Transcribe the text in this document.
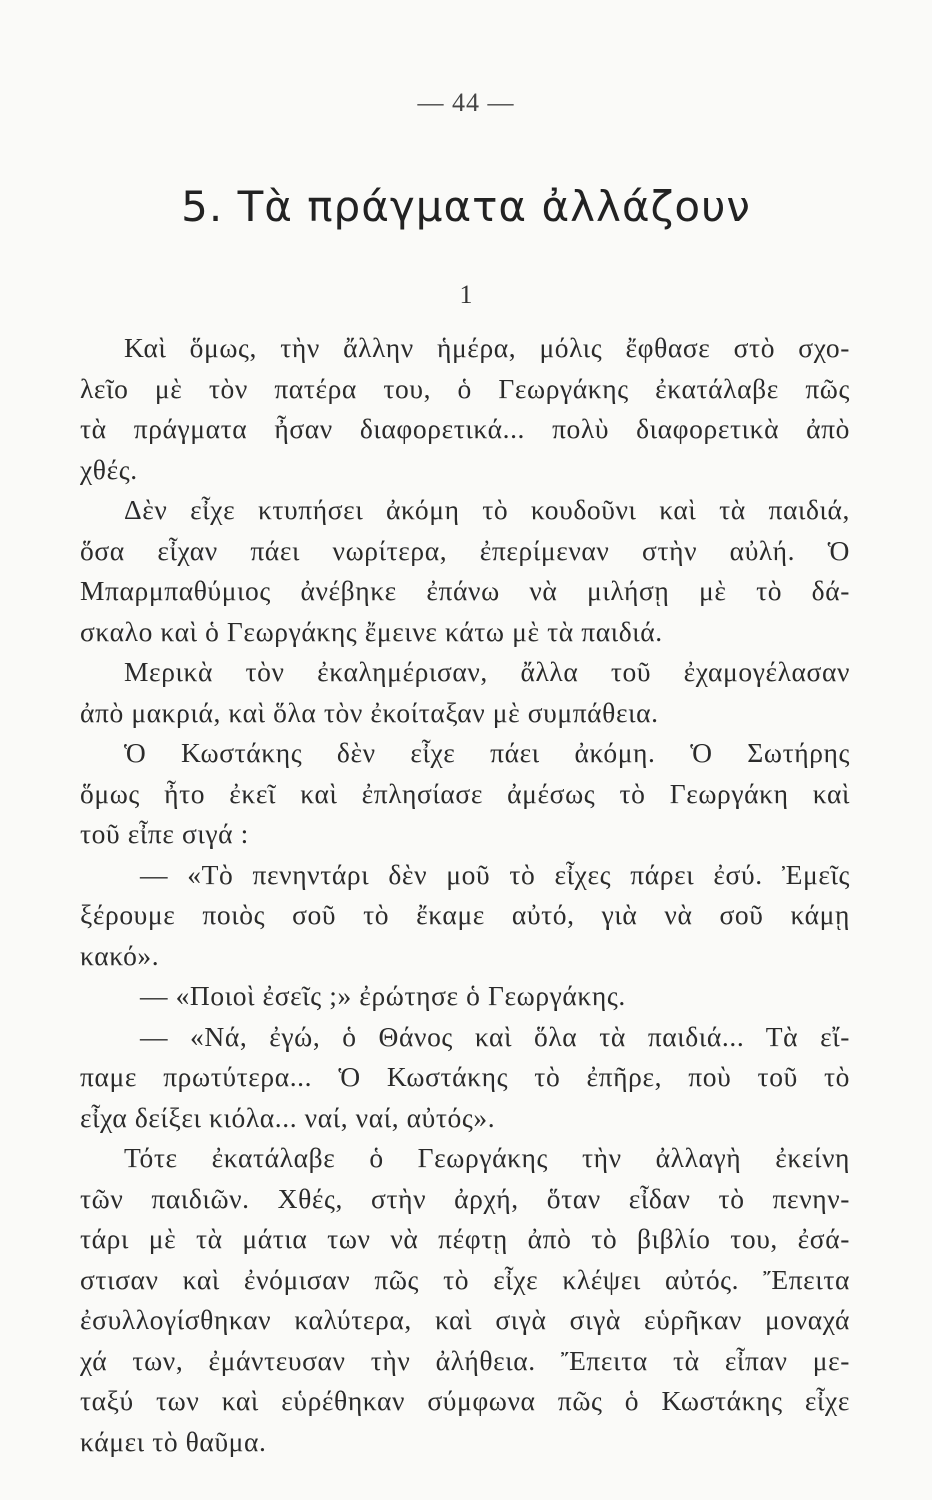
— 44 —
5. Τὰ πράγματα ἀλλάζουν
1
Καὶ ὅμως, τὴν ἄλλην ἡμέρα, μόλις ἔφθασε στὸ σχο-
λεῖο μὲ τὸν πατέρα του, ὁ Γεωργάκης ἐκατάλαβε πῶς
τὰ πράγματα ἦσαν διαφορετικά... πολὺ διαφορετικὰ ἀπὸ
χθές.
Δὲν εἶχε κτυπήσει ἀκόμη τὸ κουδοῦνι καὶ τὰ παιδιά,
ὅσα εἶχαν πάει νωρίτερα, ἐπερίμεναν στὴν αὐλή. Ὁ
Μπαρμπαθύμιος ἀνέβηκε ἐπάνω νὰ μιλήσῃ μὲ τὸ δά-
σκαλο καὶ ὁ Γεωργάκης ἔμεινε κάτω μὲ τὰ παιδιά.
Μερικὰ τὸν ἐκαλημέρισαν, ἄλλα τοῦ ἐχαμογέλασαν
ἀπὸ μακριά, καὶ ὅλα τὸν ἐκοίταξαν μὲ συμπάθεια.
Ὁ Κωστάκης δὲν εἶχε πάει ἀκόμη. Ὁ Σωτήρης
ὅμως ἦτο ἐκεῖ καὶ ἐπλησίασε ἀμέσως τὸ Γεωργάκη καὶ
τοῦ εἶπε σιγά :
— «Τὸ πενηντάρι δὲν μοῦ τὸ εἶχες πάρει ἐσύ. Ἐμεῖς
ξέρουμε ποιὸς σοῦ τὸ ἔκαμε αὐτό, γιὰ νὰ σοῦ κάμῃ
κακό».
— «Ποιοὶ ἐσεῖς ;» ἐρώτησε ὁ Γεωργάκης.
— «Νά, ἐγώ, ὁ Θάνος καὶ ὅλα τὰ παιδιά... Τὰ εἴ-
παμε πρωτύτερα... Ὁ Κωστάκης τὸ ἐπῆρε, ποὺ τοῦ τὸ
εἶχα δείξει κιόλα... ναί, ναί, αὐτός».
Τότε ἐκατάλαβε ὁ Γεωργάκης τὴν ἀλλαγὴ ἐκείνη
τῶν παιδιῶν. Χθές, στὴν ἀρχή, ὅταν εἶδαν τὸ πενην-
τάρι μὲ τὰ μάτια των νὰ πέφτῃ ἀπὸ τὸ βιβλίο του, ἐσά-
στισαν καὶ ἐνόμισαν πῶς τὸ εἶχε κλέψει αὐτός. Ἔπειτα
ἐσυλλογίσθηκαν καλύτερα, καὶ σιγὰ σιγὰ εὑρῆκαν μοναχά
χά των, ἐμάντευσαν τὴν ἀλήθεια. Ἔπειτα τὰ εἶπαν με-
ταξύ των καὶ εὑρέθηκαν σύμφωνα πῶς ὁ Κωστάκης εἶχε
κάμει τὸ θαῦμα.
